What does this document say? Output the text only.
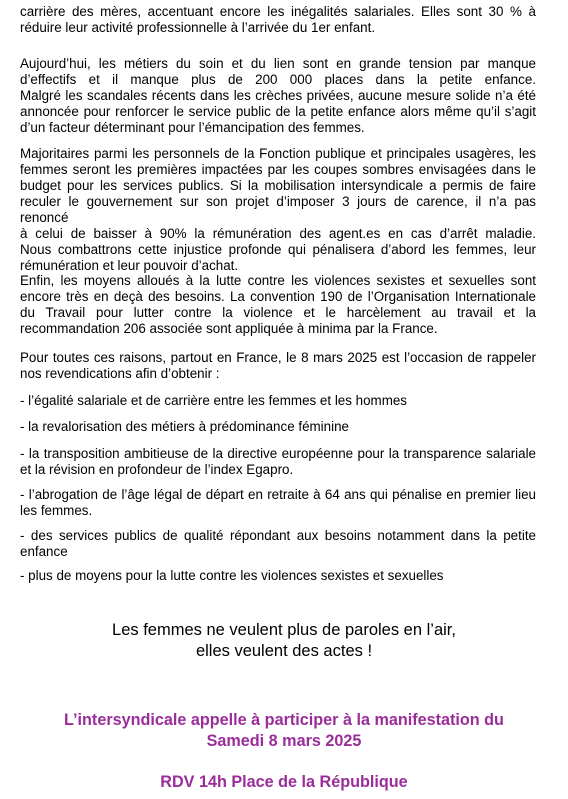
carrière des mères, accentuant encore les inégalités salariales. Elles sont 30 % à
réduire leur activité professionnelle à l’arrivée du 1er enfant.
Aujourd’hui, les métiers du soin et du lien sont en grande tension par manque
d’effectifs et il manque plus de 200 000 places dans la petite enfance.
Malgré les scandales récents dans les crèches privées, aucune mesure solide n’a été
annoncée pour renforcer le service public de la petite enfance alors même qu’il s’agit
d’un facteur déterminant pour l’émancipation des femmes.
Majoritaires parmi les personnels de la Fonction publique et principales usagères, les
femmes seront les premières impactées par les coupes sombres envisagées dans le
budget pour les services publics. Si la mobilisation intersyndicale a permis de faire
reculer le gouvernement sur son projet d’imposer 3 jours de carence, il n’a pas renoncé
à celui de baisser à 90% la rémunération des agent.es en cas d’arrêt maladie.
Nous combattrons cette injustice profonde qui pénalisera d’abord les femmes, leur
rémunération et leur pouvoir d’achat.
Enfin, les moyens alloués à la lutte contre les violences sexistes et sexuelles sont
encore très en deçà des besoins. La convention 190 de l’Organisation Internationale
du Travail pour lutter contre la violence et le harcèlement au travail et la
recommandation 206 associée sont appliquée à minima par la France.
Pour toutes ces raisons, partout en France, le 8 mars 2025 est l’occasion de rappeler
nos revendications afin d’obtenir :
- l’égalité salariale et de carrière entre les femmes et les hommes
- la revalorisation des métiers à prédominance féminine
- la transposition ambitieuse de la directive européenne pour la transparence salariale
et la révision en profondeur de l’index Egapro.
- l’abrogation de l’âge légal de départ en retraite à 64 ans qui pénalise en premier lieu
les femmes.
- des services publics de qualité répondant aux besoins notamment dans la petite
enfance
- plus de moyens pour la lutte contre les violences sexistes et sexuelles
Les femmes ne veulent plus de paroles en l’air,
elles veulent des actes !
L’intersyndicale appelle à participer à la manifestation du
Samedi 8 mars 2025
RDV 14h Place de la République
